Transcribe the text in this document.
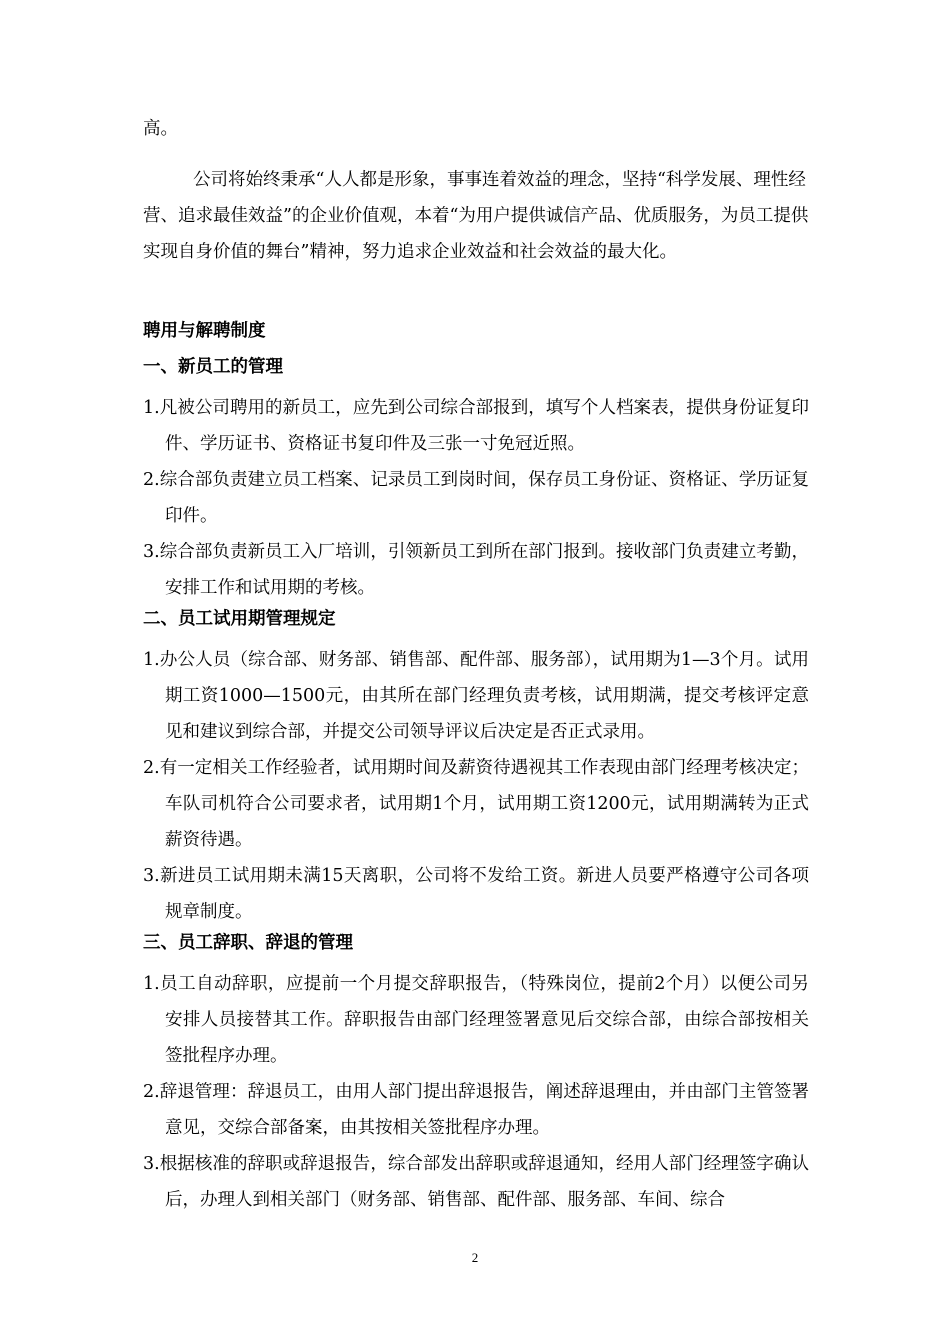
高。

公司将始终秉承“人人都是形象，事事连着效益的理念，坚持“科学发展、理性经营、追求最佳效益”的企业价值观，本着“为用户提供诚信产品、优质服务，为员工提供实现自身价值的舞台”精神，努力追求企业效益和社会效益的最大化。

聘用与解聘制度

一、新员工的管理

1.凡被公司聘用的新员工，应先到公司综合部报到，填写个人档案表，提供身份证复印件、学历证书、资格证书复印件及三张一寸免冠近照。
2.综合部负责建立员工档案、记录员工到岗时间，保存员工身份证、资格证、学历证复印件。
3.综合部负责新员工入厂培训，引领新员工到所在部门报到。接收部门负责建立考勤，安排工作和试用期的考核。

二、员工试用期管理规定

1.办公人员（综合部、财务部、销售部、配件部、服务部），试用期为1—3个月。试用期工资1000—1500元，由其所在部门经理负责考核，试用期满，提交考核评定意见和建议到综合部，并提交公司领导评议后决定是否正式录用。
2.有一定相关工作经验者，试用期时间及薪资待遇视其工作表现由部门经理考核决定；车队司机符合公司要求者，试用期1个月，试用期工资1200元，试用期满转为正式薪资待遇。
3.新进员工试用期未满15天离职，公司将不发给工资。新进人员要严格遵守公司各项规章制度。

三、员工辞职、辞退的管理

1.员工自动辞职，应提前一个月提交辞职报告，（特殊岗位，提前2个月）以便公司另安排人员接替其工作。辞职报告由部门经理签署意见后交综合部，由综合部按相关签批程序办理。
2.辞退管理：辞退员工，由用人部门提出辞退报告，阐述辞退理由，并由部门主管签署意见，交综合部备案，由其按相关签批程序办理。
3.根据核准的辞职或辞退报告，综合部发出辞职或辞退通知，经用人部门经理签字确认后，办理人到相关部门（财务部、销售部、配件部、服务部、车间、综合
2
